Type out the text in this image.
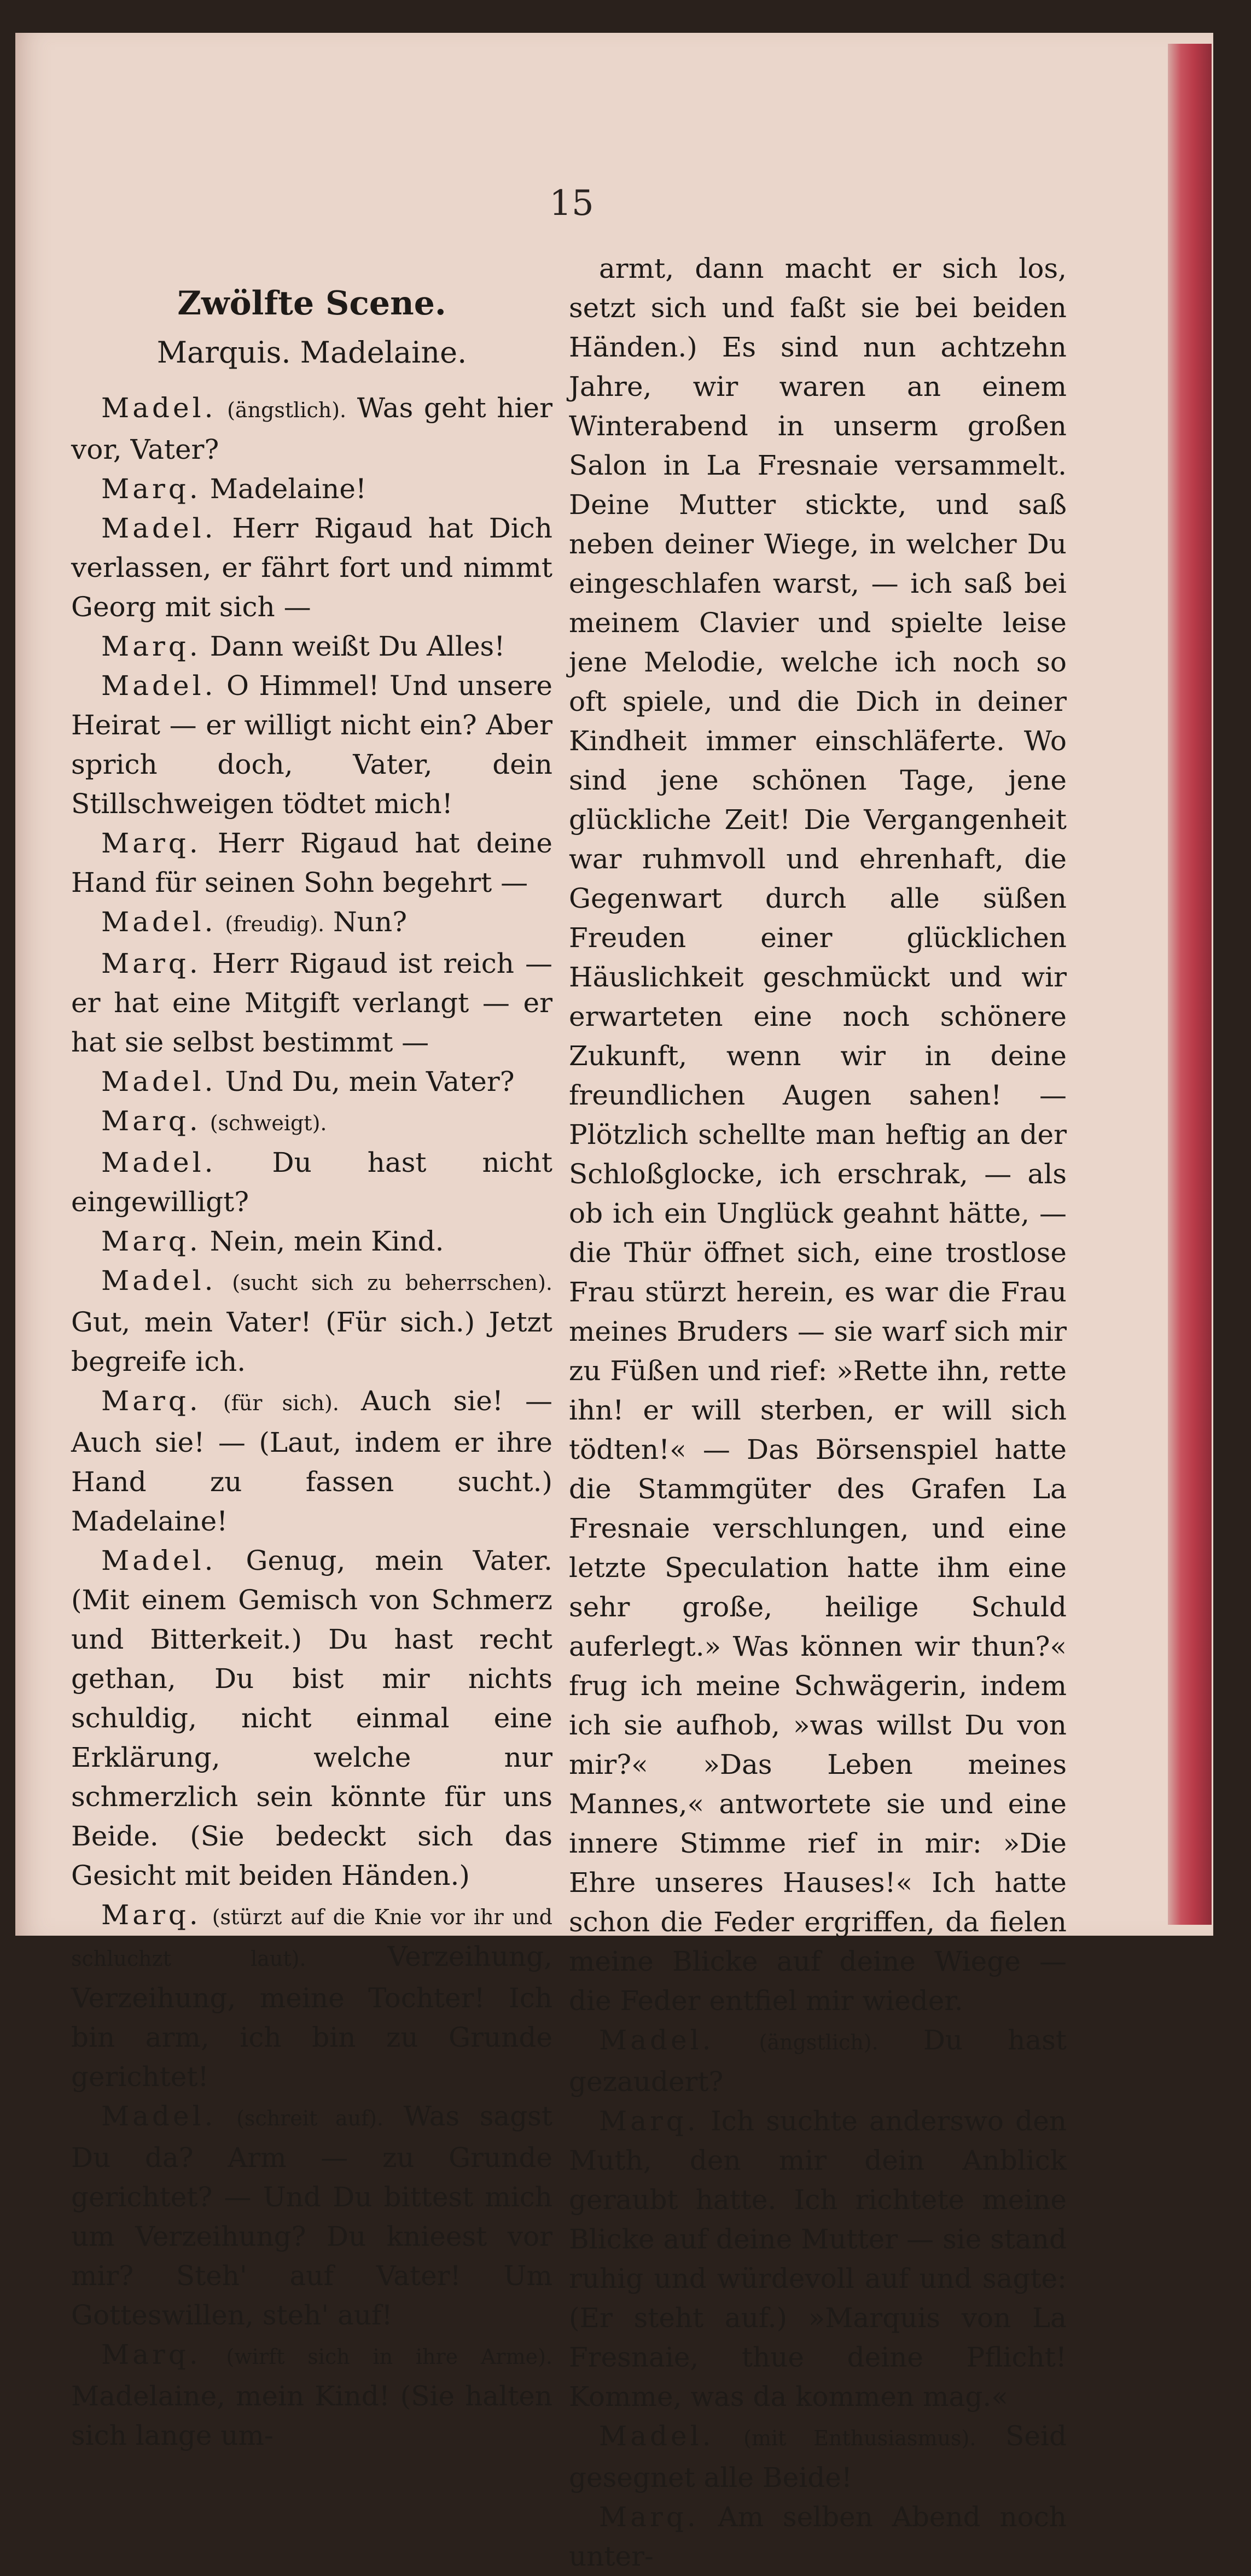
15
Zwölfte Scene.
Marquis. Madelaine.

Madel. (ängstlich). Was geht hier vor, Vater?

Marq. Madelaine!

Madel. Herr Rigaud hat Dich verlassen, er fährt fort und nimmt Georg mit sich —

Marq. Dann weißt Du Alles!

Madel. O Himmel! Und unsere Heirat — er willigt nicht ein? Aber sprich doch, Vater, dein Stillschweigen tödtet mich!

Marq. Herr Rigaud hat deine Hand für seinen Sohn begehrt —

Madel. (freudig). Nun?

Marq. Herr Rigaud ist reich — er hat eine Mitgift verlangt — er hat sie selbst bestimmt —

Madel. Und Du, mein Vater?

Marq. (schweigt).

Madel. Du hast nicht eingewilligt?

Marq. Nein, mein Kind.

Madel. (sucht sich zu beherrschen). Gut, mein Vater! (Für sich.) Jetzt begreife ich.

Marq. (für sich). Auch sie! — Auch sie! — (Laut, indem er ihre Hand zu fassen sucht.) Madelaine!

Madel. Genug, mein Vater. (Mit einem Gemisch von Schmerz und Bitterkeit.) Du hast recht gethan, Du bist mir nichts schuldig, nicht einmal eine Erklärung, welche nur schmerzlich sein könnte für uns Beide. (Sie bedeckt sich das Gesicht mit beiden Händen.)

Marq. (stürzt auf die Knie vor ihr und schluchzt laut).	Verzeihung, Verzeihung, meine Tochter! Ich bin arm, ich bin zu Grunde gerichtet!

Madel. (schreit auf). Was sagst Du da? Arm — zu Grunde gerichtet? — Und Du bittest mich um Verzeihung? Du knieest vor mir? Steh' auf Vater! Um Gotteswillen, steh' auf!

Marq. (wirft sich in ihre Arme). Madelaine, mein Kind! (Sie halten sich lange um-

armt, dann macht er sich los, setzt sich und faßt sie bei beiden Händen.) Es sind nun achtzehn Jahre, wir waren an einem Winterabend in unserm großen Salon in La Fresnaie versammelt. Deine Mutter stickte, und saß neben deiner Wiege, in welcher Du eingeschlafen warst, — ich saß bei meinem Clavier und spielte leise jene Melodie, welche ich noch so oft spiele, und die Dich in deiner Kindheit immer einschläferte. Wo sind jene schönen Tage, jene glückliche Zeit! Die Vergangenheit war ruhmvoll und ehrenhaft, die Gegenwart durch alle süßen Freuden einer glücklichen Häuslichkeit geschmückt und wir erwarteten eine noch schönere Zukunft, wenn wir in deine freundlichen Augen sahen! — Plötzlich schellte man heftig an der Schloßglocke, ich erschrak, — als ob ich ein Unglück geahnt hätte, — die Thür öffnet sich, eine trostlose Frau stürzt herein, es war die Frau meines Bruders — sie warf sich mir zu Füßen und rief: »Rette ihn, rette ihn! er will sterben, er will sich tödten!« — Das Börsenspiel hatte die Stammgüter des Grafen La Fresnaie verschlungen, und eine letzte Speculation hatte ihm eine sehr große, heilige Schuld auferlegt.» Was können wir thun?« frug ich meine Schwägerin, indem ich sie aufhob, »was willst Du von mir?« »Das Leben meines Mannes,« antwortete sie und eine innere Stimme rief in mir: »Die Ehre unseres Hauses!« Ich hatte schon die Feder ergriffen, da fielen meine Blicke auf deine Wiege — die Feder entfiel mir wieder.

Madel. (ängstlich). Du hast gezaudert?

Marq. Ich suchte anderswo den Muth, den mir dein Anblick geraubt hatte. Ich richtete meine Blicke auf deine Mutter — sie stand ruhig und würdevoll auf und sagte: (Er steht auf.) »Marquis von La Fresnaie, thue deine Pflicht! Komme, was da kommen mag.«

Madel. (mit Enthusiasmus). Seid gesegnet alle Beide!

Marq. Am selben Abend noch unter-
